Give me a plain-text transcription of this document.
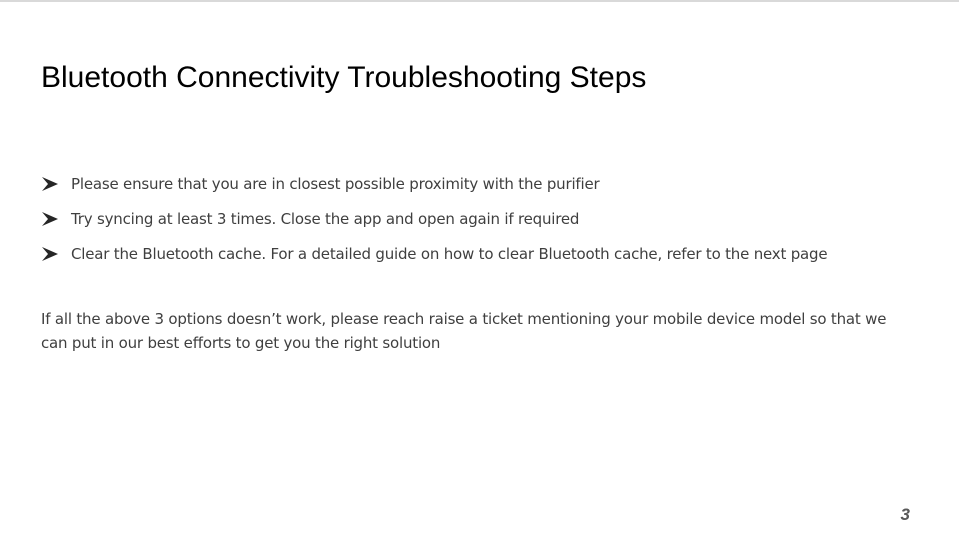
Bluetooth Connectivity Troubleshooting Steps
Please ensure that you are in closest possible proximity with the purifier
Try syncing at least 3 times. Close the app and open again if required
Clear the Bluetooth cache. For a detailed guide on how to clear Bluetooth cache, refer to the next page

If all the above 3 options doesn’t work, please reach raise a ticket mentioning your mobile device model so that we
can put in our best efforts to get you the right solution

3
